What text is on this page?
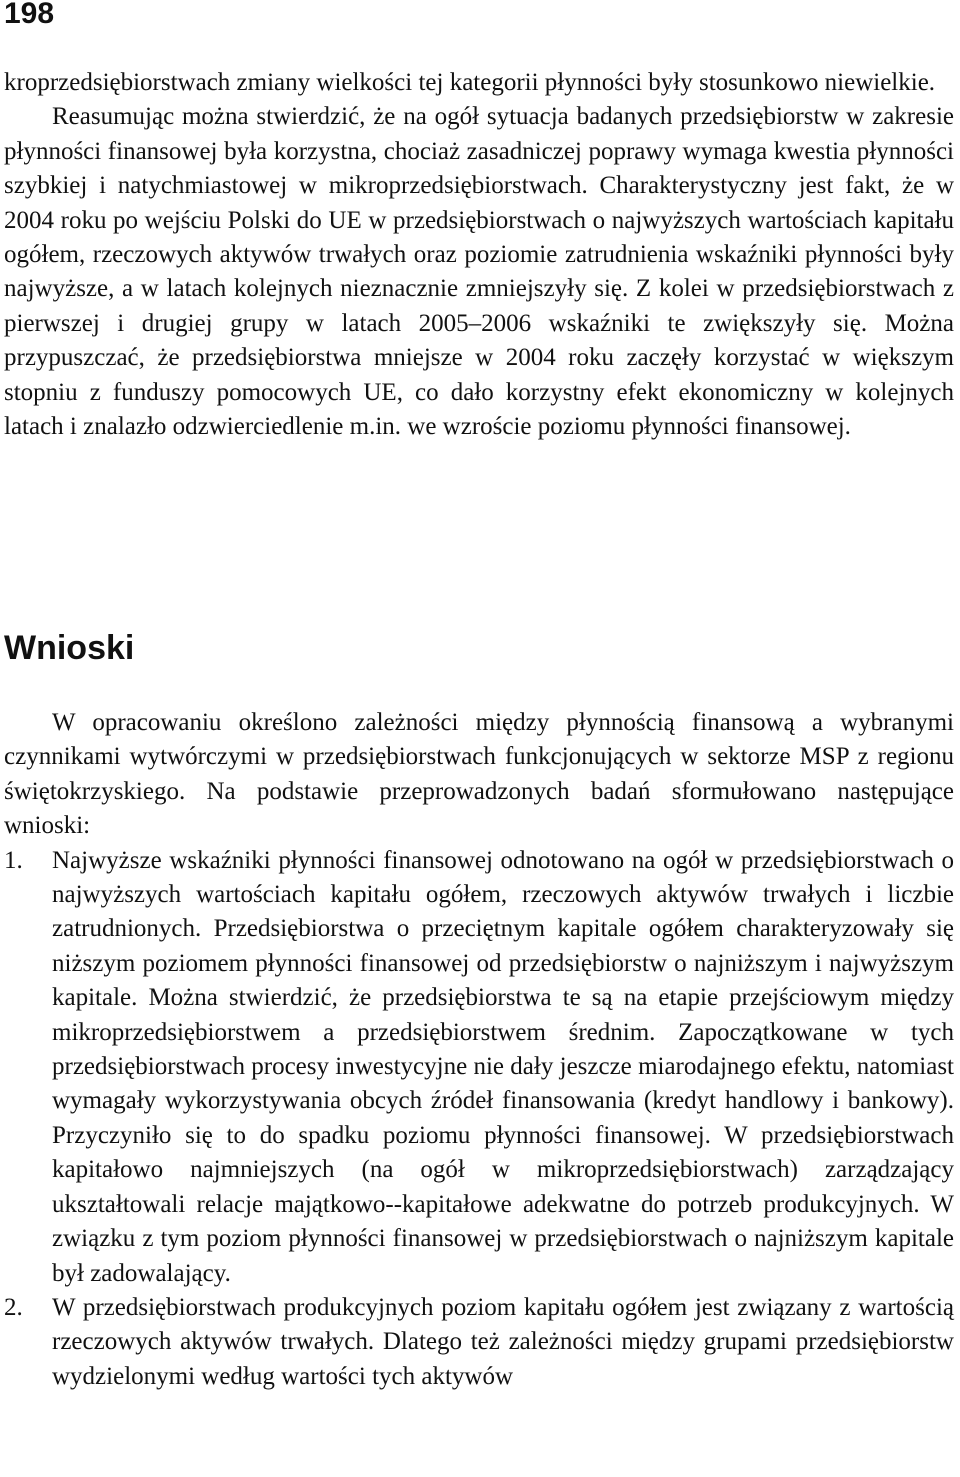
198

kroprzedsiębiorstwach zmiany wielkości tej kategorii płynności były stosunkowo niewielkie.

Reasumując można stwierdzić, że na ogół sytuacja badanych przedsiębiorstw w zakresie płynności finansowej była korzystna, chociaż zasadniczej poprawy wymaga kwestia płynności szybkiej i natychmiastowej w mikroprzedsiębiorstwach. Charakterystyczny jest fakt, że w 2004 roku po wejściu Polski do UE w przedsiębiorstwach o najwyższych wartościach kapitału ogółem, rzeczowych aktywów trwałych oraz poziomie zatrudnienia wskaźniki płynności były najwyższe, a w latach kolejnych nieznacznie zmniejszyły się. Z kolei w przedsiębiorstwach z pierwszej i drugiej grupy w latach 2005–2006 wskaźniki te zwiększyły się. Można przypuszczać, że przedsiębiorstwa mniejsze w 2004 roku zaczęły korzystać w większym stopniu z funduszy pomocowych UE, co dało korzystny efekt ekonomiczny w kolejnych latach i znalazło odzwierciedlenie m.in. we wzroście poziomu płynności finansowej.

Wnioski

W opracowaniu określono zależności między płynnością finansową a wybranymi czynnikami wytwórczymi w przedsiębiorstwach funkcjonujących w sektorze MSP z regionu świętokrzyskiego. Na podstawie przeprowadzonych badań sformułowano następujące wnioski:

1. Najwyższe wskaźniki płynności finansowej odnotowano na ogół w przedsiębiorstwach o najwyższych wartościach kapitału ogółem, rzeczowych aktywów trwałych i liczbie zatrudnionych. Przedsiębiorstwa o przeciętnym kapitale ogółem charakteryzowały się niższym poziomem płynności finansowej od przedsiębiorstw o najniższym i najwyższym kapitale. Można stwierdzić, że przedsiębiorstwa te są na etapie przejściowym między mikroprzedsiębiorstwem a przedsiębiorstwem średnim. Zapoczątkowane w tych przedsiębiorstwach procesy inwestycyjne nie dały jeszcze miarodajnego efektu, natomiast wymagały wykorzystywania obcych źródeł finansowania (kredyt handlowy i bankowy). Przyczyniło się to do spadku poziomu płynności finansowej. W przedsiębiorstwach kapitałowo najmniejszych (na ogół w mikroprzedsiębiorstwach) zarządzający ukształtowali relacje majątkowo--kapitałowe adekwatne do potrzeb produkcyjnych. W związku z tym poziom płynności finansowej w przedsiębiorstwach o najniższym kapitale był zadowalający.
2. W przedsiębiorstwach produkcyjnych poziom kapitału ogółem jest związany z wartością rzeczowych aktywów trwałych. Dlatego też zależności między grupami przedsiębiorstw wydzielonymi według wartości tych aktywów
